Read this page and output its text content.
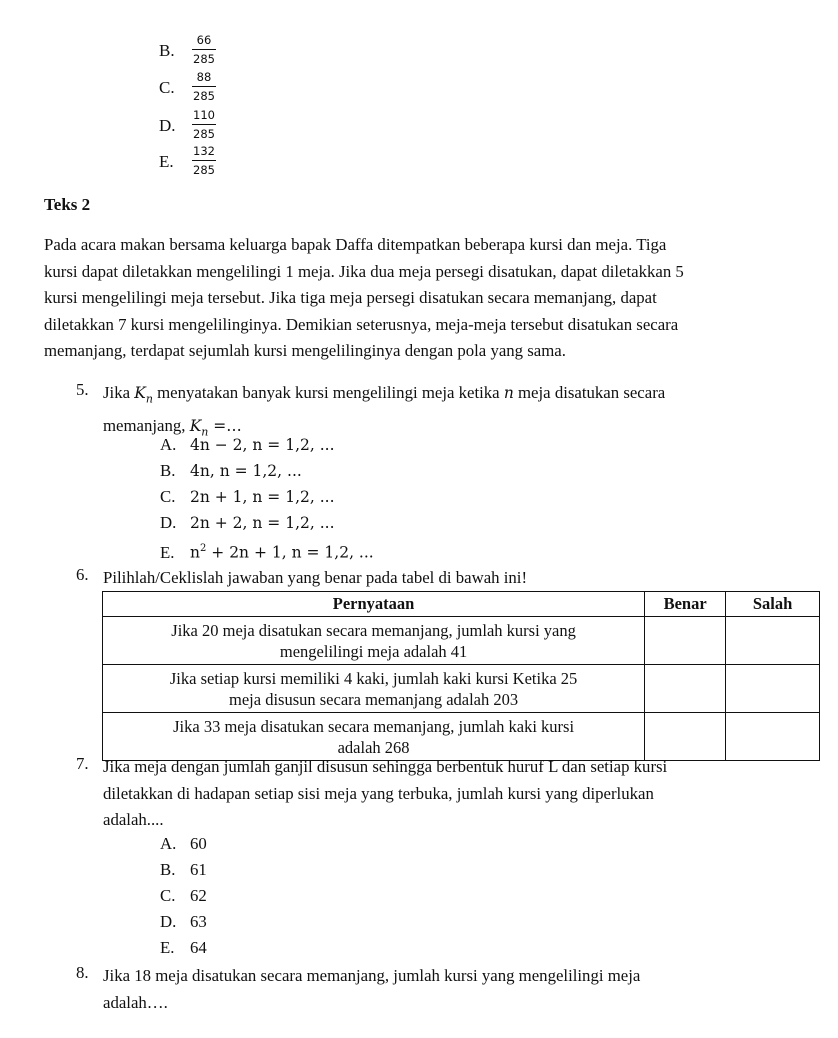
B.
66
285
C.
88
285
D.
110
285
E.
132
285
Teks 2
Pada acara makan bersama keluarga bapak Daffa ditempatkan beberapa kursi dan meja. Tiga
kursi dapat diletakkan mengelilingi 1 meja. Jika dua meja persegi disatukan, dapat diletakkan 5
kursi mengelilingi meja tersebut. Jika tiga meja persegi disatukan secara memanjang, dapat
diletakkan 7 kursi mengelilinginya. Demikian seterusnya, meja-meja tersebut disatukan secara
memanjang, terdapat sejumlah kursi mengelilinginya dengan pola yang sama.
5. Jika $K_n$ menyatakan banyak kursi mengelilingi meja ketika n meja disatukan secara
memanjang, $K_n$ =…
A. 4n − 2, n = 1,2, ...
B. 4n, n = 1,2, ...
C. 2n + 1, n = 1,2, ...
D. 2n + 2, n = 1,2, ...
E. $n^2 + 2n + 1$, n = 1,2, ...
6. Pilihlah/Ceklislah jawaban yang benar pada tabel di bawah ini!
Pernyataan	Benar	Salah

Jika 20 meja disatukan secara memanjang, jumlah kursi yang
mengelilingi meja adalah 41		

Jika setiap kursi memiliki 4 kaki, jumlah kaki kursi Ketika 25
meja disusun secara memanjang adalah 203		

Jika 33 meja disatukan secara memanjang, jumlah kaki kursi
adalah 268		

7. Jika meja dengan jumlah ganjil disusun sehingga berbentuk huruf L dan setiap kursi
diletakkan di hadapan setiap sisi meja yang terbuka, jumlah kursi yang diperlukan
adalah....
A. 60
B. 61
C. 62
D. 63
E. 64
8. Jika 18 meja disatukan secara memanjang, jumlah kursi yang mengelilingi meja
adalah….
